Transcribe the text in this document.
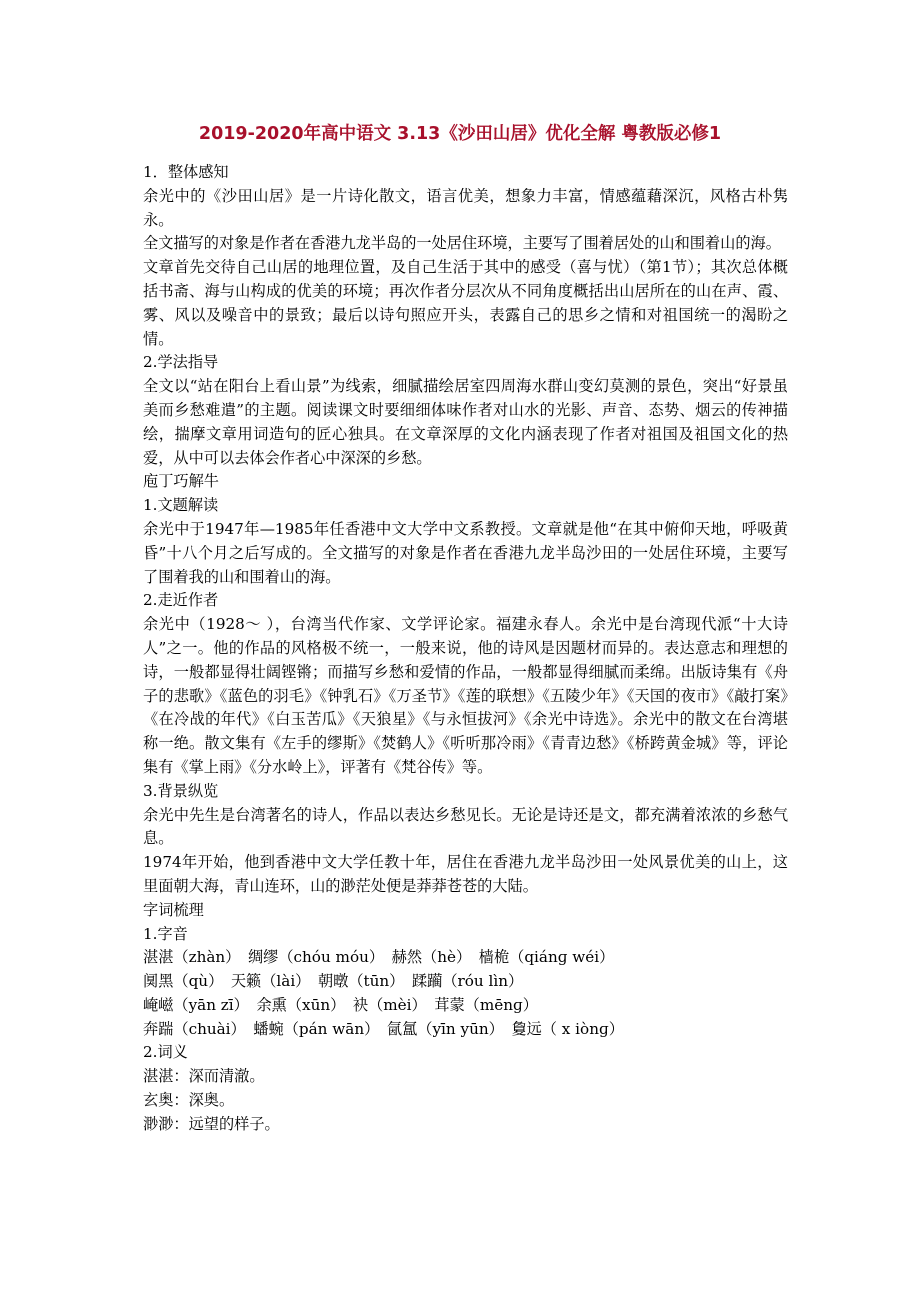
2019-2020年高中语文 3.13《沙田山居》优化全解 粤教版必修1

1．整体感知

余光中的《沙田山居》是一片诗化散文，语言优美，想象力丰富，情感蕴藉深沉，风格古朴隽永。

全文描写的对象是作者在香港九龙半岛的一处居住环境，主要写了围着居处的山和围着山的海。

文章首先交待自己山居的地理位置，及自己生活于其中的感受（喜与忧）（第1节）；其次总体概括书斋、海与山构成的优美的环境；再次作者分层次从不同角度概括出山居所在的山在声、霞、雾、风以及噪音中的景致；最后以诗句照应开头，表露自己的思乡之情和对祖国统一的渴盼之情。

2.学法指导

全文以“站在阳台上看山景”为线索，细腻描绘居室四周海水群山变幻莫测的景色，突出“好景虽美而乡愁难遣”的主题。阅读课文时要细细体味作者对山水的光影、声音、态势、烟云的传神描绘，揣摩文章用词造句的匠心独具。在文章深厚的文化内涵表现了作者对祖国及祖国文化的热爱，从中可以去体会作者心中深深的乡愁。

庖丁巧解牛

1.文题解读

余光中于1947年—1985年任香港中文大学中文系教授。文章就是他“在其中俯仰天地，呼吸黄昏”十八个月之后写成的。全文描写的对象是作者在香港九龙半岛沙田的一处居住环境，主要写了围着我的山和围着山的海。

2.走近作者

余光中（1928～ ），台湾当代作家、文学评论家。福建永春人。余光中是台湾现代派“十大诗人”之一。他的作品的风格极不统一，一般来说，他的诗风是因题材而异的。表达意志和理想的诗，一般都显得壮阔铿锵；而描写乡愁和爱情的作品，一般都显得细腻而柔绵。出版诗集有《舟子的悲歌》《蓝色的羽毛》《钟乳石》《万圣节》《莲的联想》《五陵少年》《天国的夜市》《敲打案》《在冷战的年代》《白玉苦瓜》《天狼星》《与永恒拔河》《余光中诗选》。余光中的散文在台湾堪称一绝。散文集有《左手的缪斯》《焚鹤人》《听听那冷雨》《青青边愁》《桥跨黄金城》等，评论集有《掌上雨》《分水岭上》，评著有《梵谷传》等。

3.背景纵览

余光中先生是台湾著名的诗人，作品以表达乡愁见长。无论是诗还是文，都充满着浓浓的乡愁气息。

1974年开始，他到香港中文大学任教十年，居住在香港九龙半岛沙田一处风景优美的山上，这里面朝大海，青山连环，山的渺茫处便是莽莽苍苍的大陆。

字词梳理

1.字音

湛湛（zhàn）　绸缪（chóu móu）　赫然（hè）　樯桅（qiánɡ wéi）

阒黑（qù）　天籁（lài）　朝暾（tūn）　蹂躏（róu lìn）

崦嵫（yān zī）　余熏（xūn）　袂（mèi）　茸蒙（mēnɡ）

奔踹（chuài）　蟠蜿（pán wān）　氤氲（yīn yūn）　敻远（ x iònɡ）

2.词义

湛湛：深而清澈。

玄奥：深奥。

渺渺：远望的样子。
